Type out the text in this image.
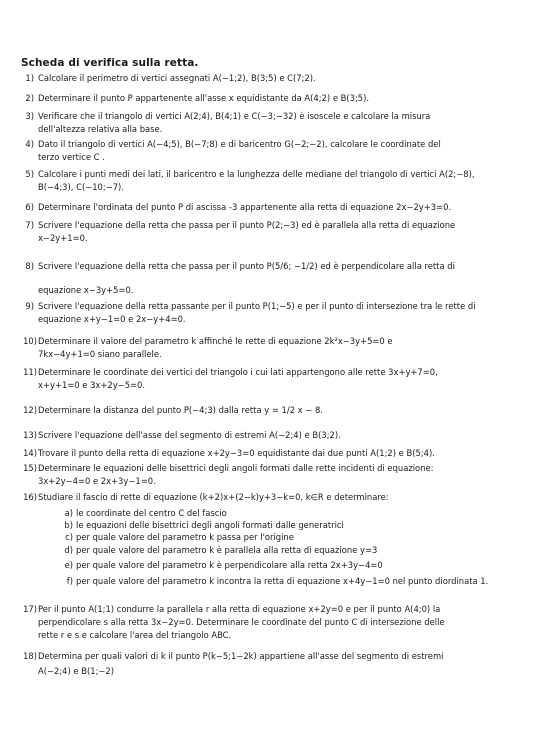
Scheda di verifica sulla retta.
1) Calcolare il perimetro di vertici assegnati A(−1;2), B(3;5) e C(7;2).
2) Determinare il punto P appartenente all'asse x equidistante da A(4;2) e B(3;5).
3) Verificare che il triangolo di vertici A(2;4), B(4;1) e C(−3;−32) è isoscele e calcolare la misura
dell'altezza relativa alla base.
4) Dato il triangolo di vertici A(−4;5), B(−7;8) e di baricentro G(−2;−2), calcolare le coordinate del
terzo vertice C .
5) Calcolare i punti medi dei lati, il baricentro e la lunghezza delle mediane del triangolo di vertici A(2;−8),
B(−4;3), C(−10;−7).
6) Determinare l'ordinata del punto P di ascissa -3 appartenente alla retta di equazione 2x−2y+3=0.
7) Scrivere l'equazione della retta che passa per il punto P(2;−3) ed è parallela alla retta di equazione
x−2y+1=0.
8) Scrivere l'equazione della retta che passa per il punto P(5/6; −1/2) ed è perpendicolare alla retta di
equazione x−3y+5=0.
9) Scrivere l'equazione della retta passante per il punto P(1;−5) e per il punto di intersezione tra le rette di
equazione x+y−1=0 e 2x−y+4=0.
10) Determinare il valore del parametro k affinché le rette di equazione 2k²x−3y+5=0 e
7kx−4y+1=0 siano parallele.
11) Determinare le coordinate dei vertici del triangolo i cui lati appartengono alle rette 3x+y+7=0,
x+y+1=0 e 3x+2y−5=0.
12) Determinare la distanza del punto P(−4;3) dalla retta y = 1/2 x − 8.
13) Scrivere l'equazione dell'asse del segmento di estremi A(−2;4) e B(3;2).
14) Trovare il punto della retta di equazione x+2y−3=0 equidistante dai due punti A(1;2) e B(5;4).
15) Determinare le equazioni delle bisettrici degli angoli formati dalle rette incidenti di equazione:
3x+2y−4=0 e 2x+3y−1=0.
16) Studiare il fascio di rette di equazione (k+2)x+(2−k)y+3−k=0, k∈R e determinare:
17) Per il punto A(1;1) condurre la parallela r alla retta di equazione x+2y=0 e per il punto A(4;0) la
perpendicolare s alla retta 3x−2y=0. Determinare le coordinate del punto C di intersezione delle
rette r e s e calcolare l'area del triangolo ABC.
18) Determina per quali valori di k il punto P(k−5;1−2k) appartiene all'asse del segmento di estremi
A(−2;4) e B(1;−2)
a) le coordinate del centro C del fascio
b) le equazioni delle bisettrici degli angoli formati dalle generatrici
c) per quale valore del parametro k passa per l'origine
d) per quale valore del parametro k è parallela alla retta di equazione y=3
e) per quale valore del parametro k è perpendicolare alla retta 2x+3y−4=0
f) per quale valore del parametro k incontra la retta di equazione x+4y−1=0 nel punto diordinata 1.
